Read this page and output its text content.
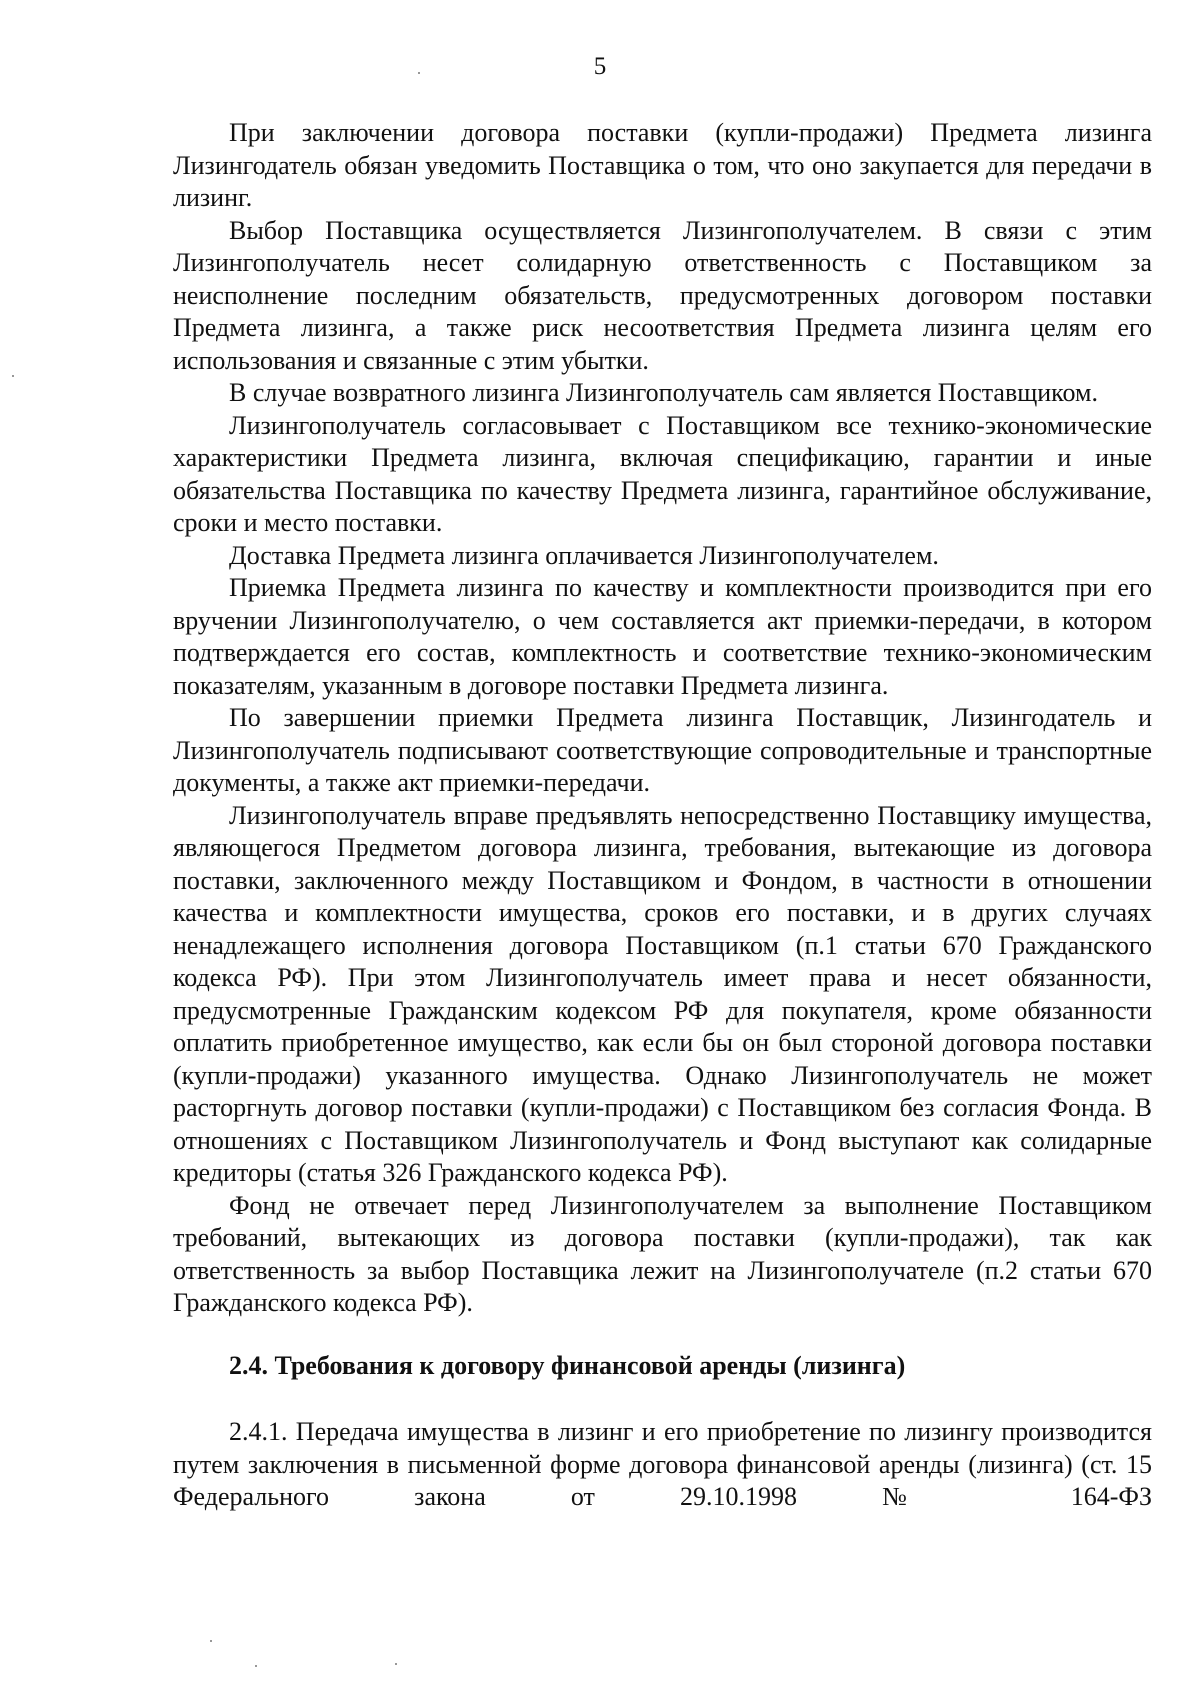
5

При заключении договора поставки (купли-продажи) Предмета лизинга Лизингодатель обязан уведомить Поставщика о том, что оно закупается для передачи в лизинг.

Выбор Поставщика осуществляется Лизингополучателем. В связи с этим Лизингополучатель несет солидарную ответственность с Поставщиком за неисполнение последним обязательств, предусмотренных договором поставки Предмета лизинга, а также риск несоответствия Предмета лизинга целям его использования и связанные с этим убытки.

В случае возвратного лизинга Лизингополучатель сам является Поставщиком.

Лизингополучатель согласовывает с Поставщиком все технико-экономические характеристики Предмета лизинга, включая спецификацию, гарантии и иные обязательства Поставщика по качеству Предмета лизинга, гарантийное обслуживание, сроки и место поставки.

Доставка Предмета лизинга оплачивается Лизингополучателем.

Приемка Предмета лизинга по качеству и комплектности производится при его вручении Лизингополучателю, о чем составляется акт приемки-передачи, в котором подтверждается его состав, комплектность и соответствие технико-экономическим показателям, указанным в договоре поставки Предмета лизинга.

По завершении приемки Предмета лизинга Поставщик, Лизингодатель и Лизингополучатель подписывают соответствующие сопроводительные и транспортные документы, а также акт приемки-передачи.

Лизингополучатель вправе предъявлять непосредственно Поставщику имущества, являющегося Предметом договора лизинга, требования, вытекающие из договора поставки, заключенного между Поставщиком и Фондом, в частности в отношении качества и комплектности имущества, сроков его поставки, и в других случаях ненадлежащего исполнения договора Поставщиком (п.1 статьи 670 Гражданского кодекса РФ). При этом Лизингополучатель имеет права и несет обязанности, предусмотренные Гражданским кодексом РФ для покупателя, кроме обязанности оплатить приобретенное имущество, как если бы он был стороной договора поставки (купли-продажи) указанного имущества. Однако Лизингополучатель не может расторгнуть договор поставки (купли-продажи) с Поставщиком без согласия Фонда. В отношениях с Поставщиком Лизингополучатель и Фонд выступают как солидарные кредиторы (статья 326 Гражданского кодекса РФ).

Фонд не отвечает перед Лизингополучателем за выполнение Поставщиком требований, вытекающих из договора поставки (купли-продажи), так как ответственность за выбор Поставщика лежит на Лизингополучателе (п.2 статьи 670 Гражданского кодекса РФ).

2.4. Требования к договору финансовой аренды (лизинга)

2.4.1. Передача имущества в лизинг и его приобретение по лизингу производится путем заключения в письменной форме договора финансовой аренды (лизинга) (ст. 15 Федерального закона от 29.10.1998 № 164-ФЗ
